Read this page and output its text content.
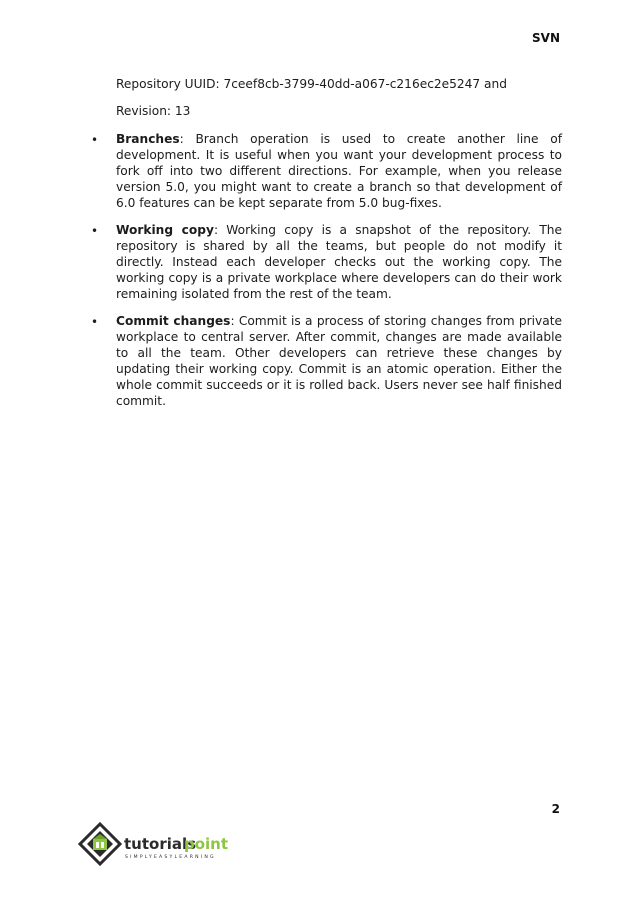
SVN

Repository UUID: 7ceef8cb-3799-40dd-a067-c216ec2e5247 and

Revision: 13

• Branches: Branch operation is used to create another line of development. It is useful when you want your development process to fork off into two different directions. For example, when you release version 5.0, you might want to create a branch so that development of 6.0 features can be kept separate from 5.0 bug-fixes.
• Working copy: Working copy is a snapshot of the repository. The repository is shared by all the teams, but people do not modify it directly. Instead each developer checks out the working copy. The working copy is a private workplace where developers can do their work remaining isolated from the rest of the team.
• Commit changes: Commit is a process of storing changes from private workplace to central server. After commit, changes are made available to all the team. Other developers can retrieve these changes by updating their working copy. Commit is an atomic operation. Either the whole commit succeeds or it is rolled back. Users never see half finished commit.
2
tutorials
point
SIMPLYEASYLEARNING
